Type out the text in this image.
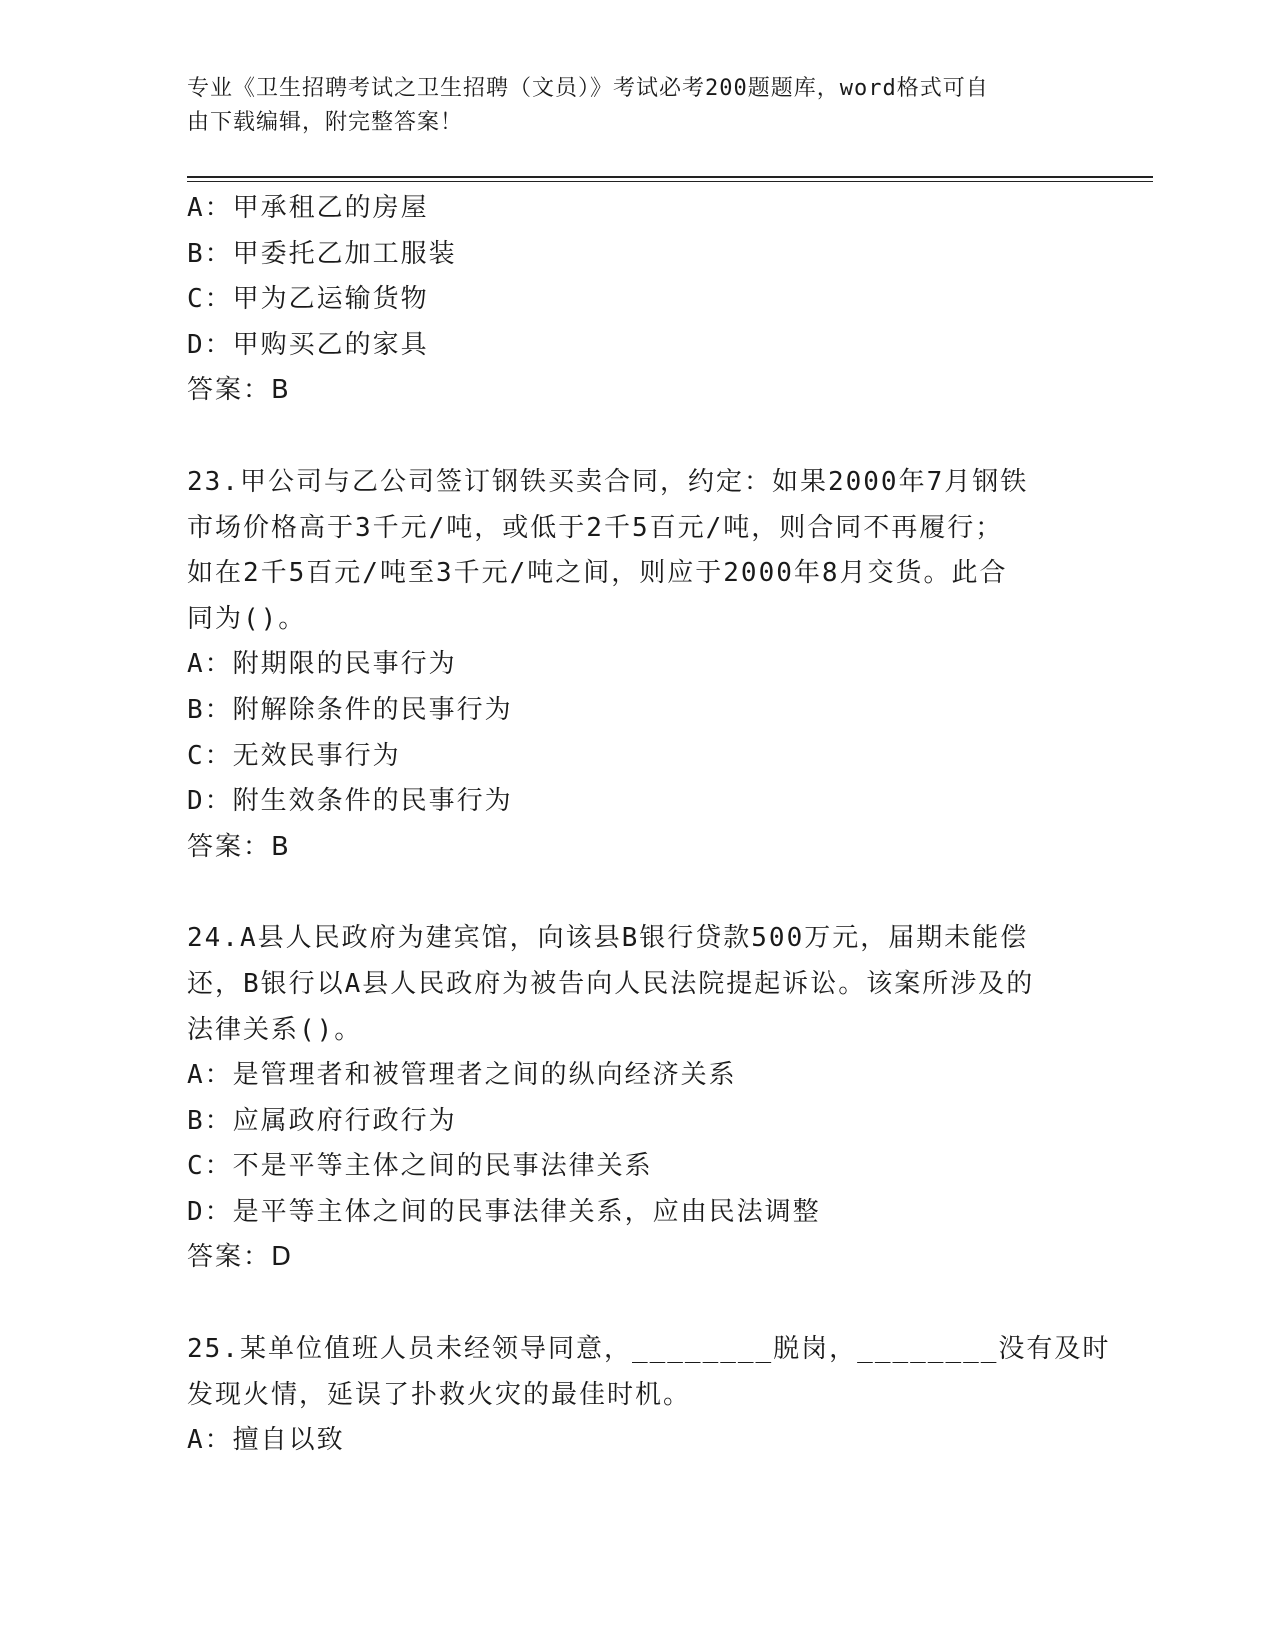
专业《卫生招聘考试之卫生招聘（文员）》考试必考200题题库，word格式可自
由下载编辑，附完整答案！
A：甲承租乙的房屋
B：甲委托乙加工服装
C：甲为乙运输货物
D：甲购买乙的家具
答案：B
23.甲公司与乙公司签订钢铁买卖合同，约定：如果2000年7月钢铁
市场价格高于3千元/吨，或低于2千5百元/吨，则合同不再履行；
如在2千5百元/吨至3千元/吨之间，则应于2000年8月交货。此合
同为()。
A：附期限的民事行为
B：附解除条件的民事行为
C：无效民事行为
D：附生效条件的民事行为
答案：B
24.A县人民政府为建宾馆，向该县B银行贷款500万元，届期未能偿
还，B银行以A县人民政府为被告向人民法院提起诉讼。该案所涉及的
法律关系()。
A：是管理者和被管理者之间的纵向经济关系
B：应属政府行政行为
C：不是平等主体之间的民事法律关系
D：是平等主体之间的民事法律关系，应由民法调整
答案：D
25.某单位值班人员未经领导同意，________脱岗，________没有及时
发现火情，延误了扑救火灾的最佳时机。
A：擅自以致
